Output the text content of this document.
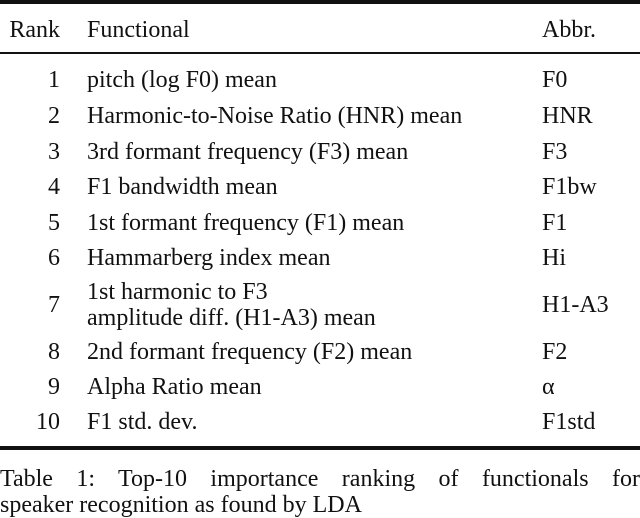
Rank Functional	Abbr.
1 pitch (log F0) mean	F0
2 Harmonic-to-Noise Ratio (HNR) mean	HNR
3 3rd formant frequency (F3) mean	F3
4 F1 bandwidth mean	F1bw
5 1st formant frequency (F1) mean	F1
6 Hammarberg index mean	Hi
7 1st harmonic to F3
amplitude diff. (H1-A3) mean	H1-A3
8 2nd formant frequency (F2) mean	F2
9 Alpha Ratio mean	α
10 F1 std. dev.	F1std
Table 1: Top-10 importance ranking of functionals for
speaker recognition as found by LDA
